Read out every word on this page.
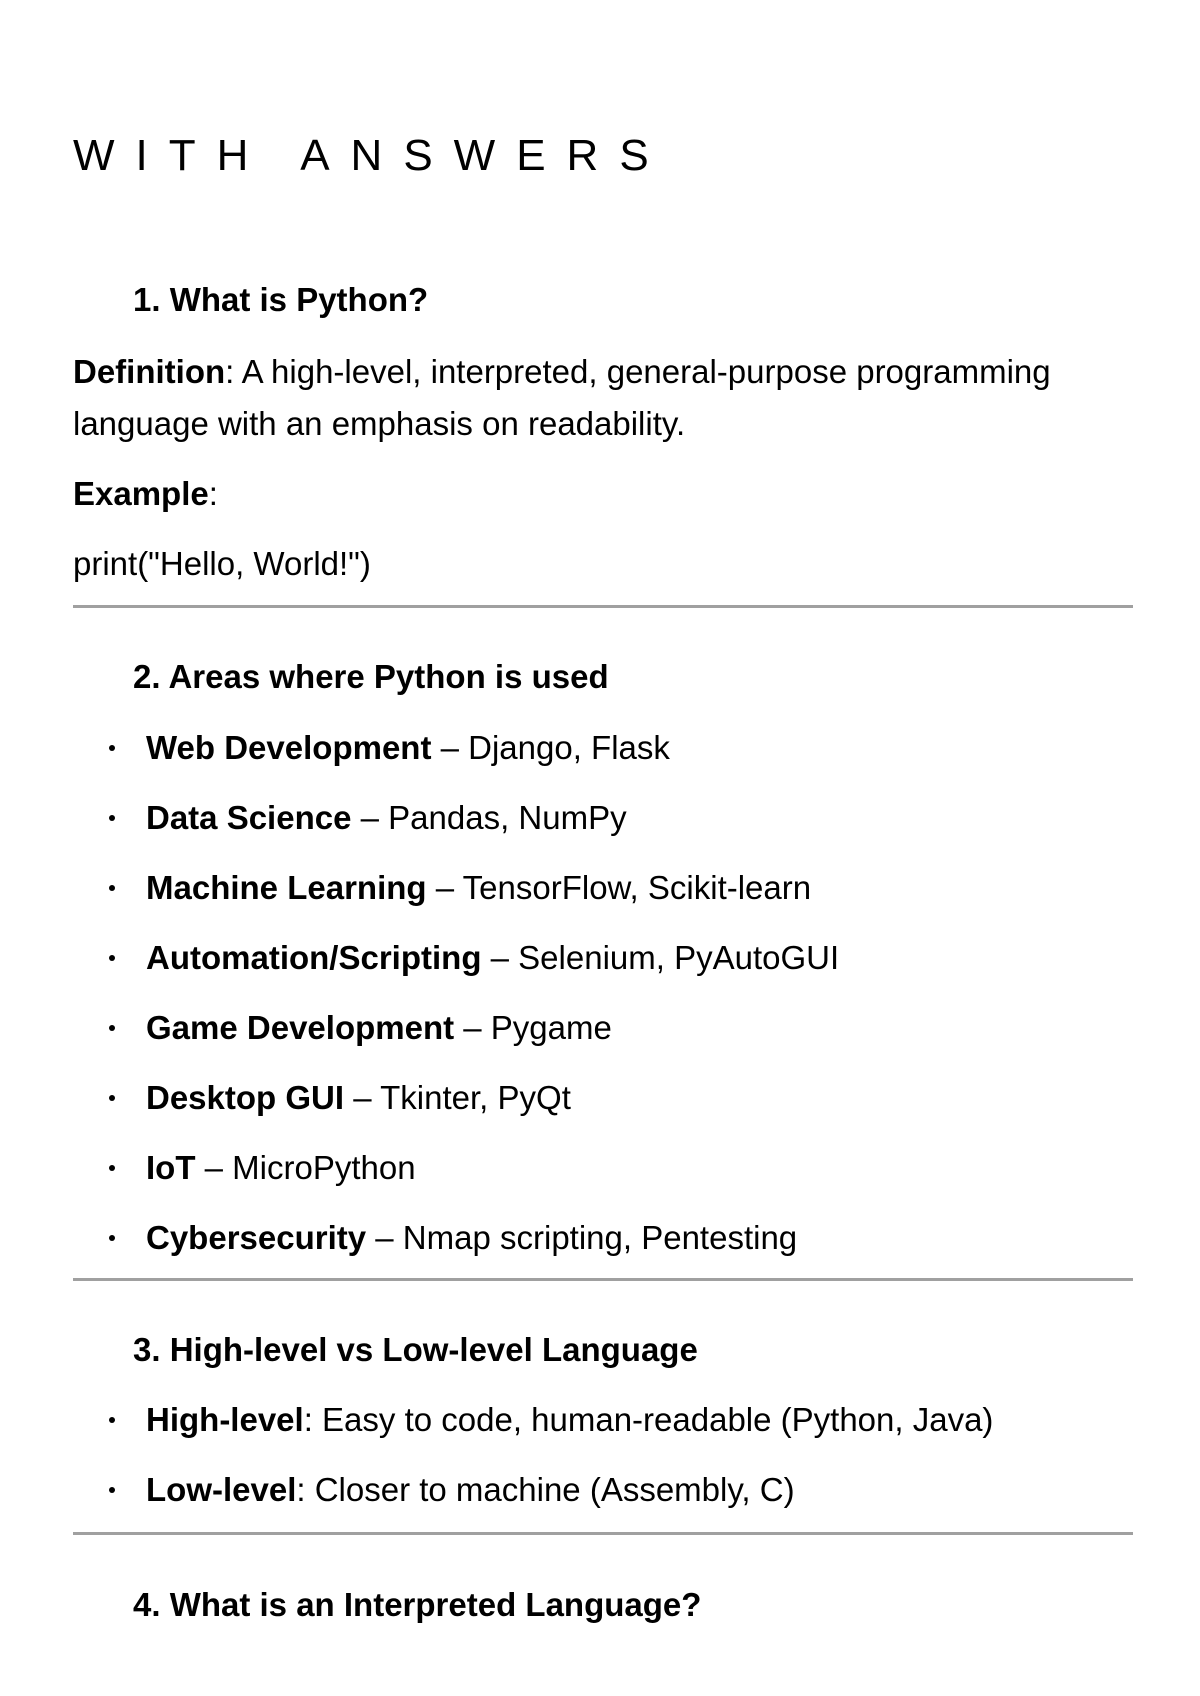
WITH ANSWERS
1. What is Python?

Definition: A high-level, interpreted, general-purpose programming language with an emphasis on readability.

Example:

print("Hello, World!")

2. Areas where Python is used
Web Development – Django, Flask
Data Science – Pandas, NumPy
Machine Learning – TensorFlow, Scikit-learn
Automation/Scripting – Selenium, PyAutoGUI
Game Development – Pygame
Desktop GUI – Tkinter, PyQt
IoT – MicroPython
Cybersecurity – Nmap scripting, Pentesting
3. High-level vs Low-level Language
High-level: Easy to code, human-readable (Python, Java)
Low-level: Closer to machine (Assembly, C)
4. What is an Interpreted Language?
